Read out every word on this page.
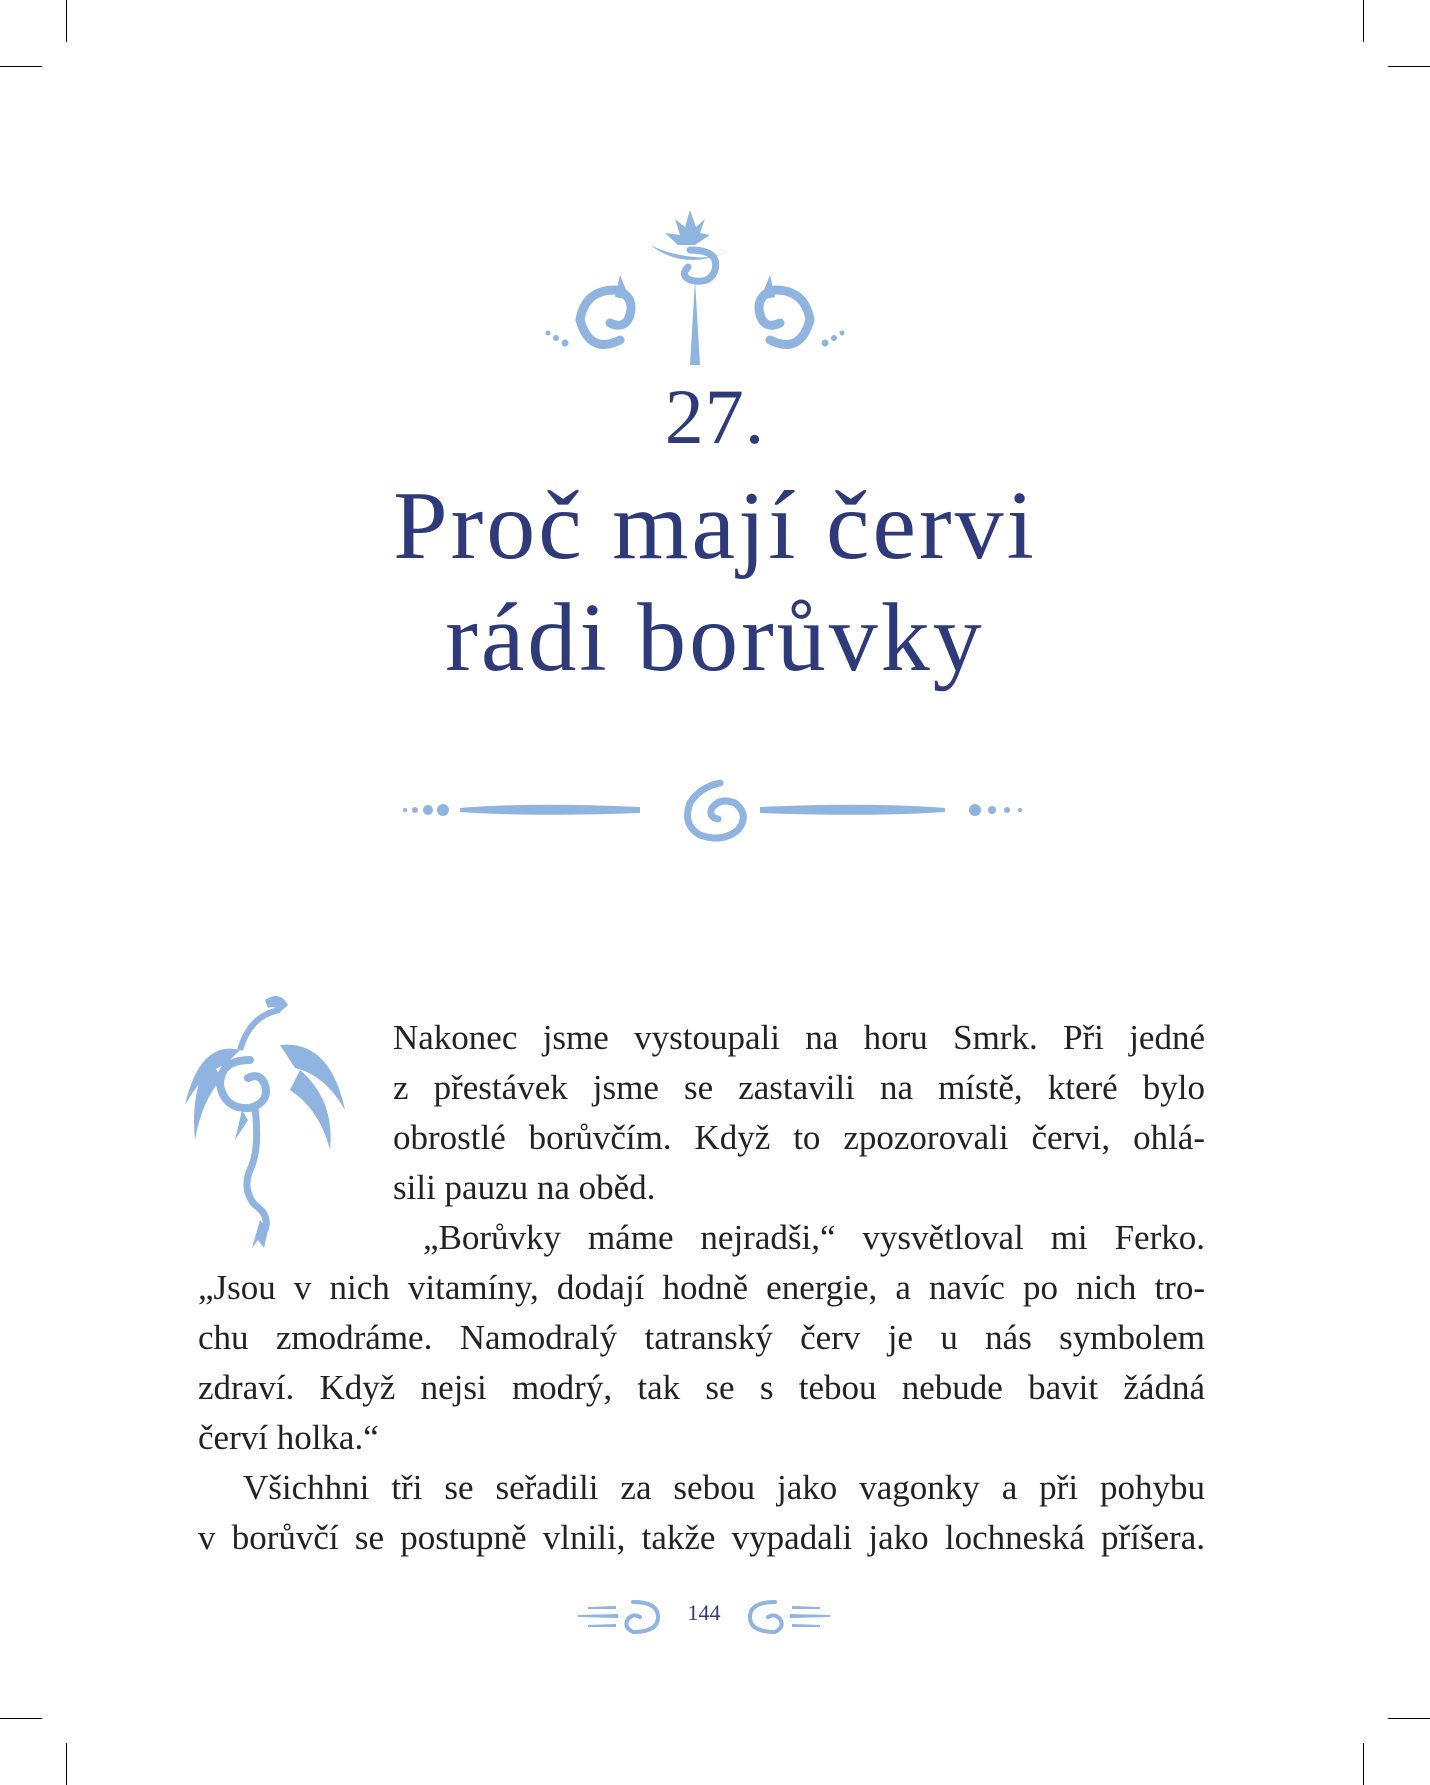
27.
Proč mají červi
rádi borůvky
Nakonec jsme vystoupali na horu Smrk. Při jedné
z přestávek jsme se zastavili na místě, které bylo
obrostlé borůvčím. Když to zpozorovali červi, ohlá-
sili pauzu na oběd.
„Borůvky máme nejradši,“ vysvětloval mi Ferko.
„Jsou v nich vitamíny, dodají hodně energie, a navíc po nich tro-
chu zmodráme. Namodralý tatranský červ je u nás symbolem
zdraví. Když nejsi modrý, tak se s tebou nebude bavit žádná
červí holka.“
Všichhni tři se seřadili za sebou jako vagonky a při pohybu
v borůvčí se postupně vlnili, takže vypadali jako lochneská příšera.
144
